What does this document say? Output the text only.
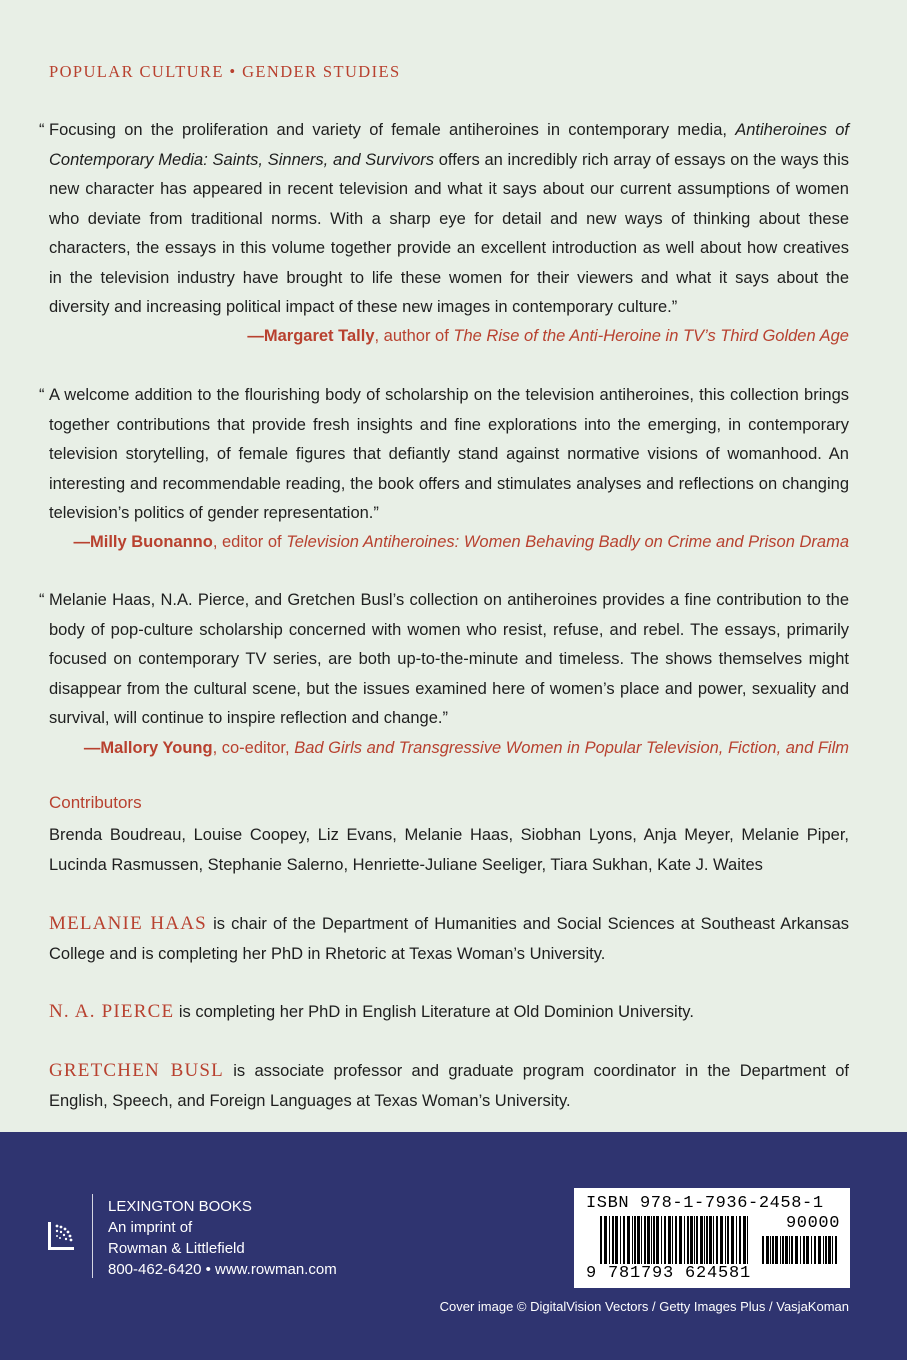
POPULAR CULTURE • GENDER STUDIES
“ Focusing on the proliferation and variety of female antiheroines in contemporary media, Antiheroines of Contemporary Media: Saints, Sinners, and Survivors offers an incredibly rich array of essays on the ways this new character has appeared in recent television and what it says about our current assumptions of women who deviate from traditional norms. With a sharp eye for detail and new ways of thinking about these characters, the essays in this volume together provide an excellent introduction as well about how creatives in the television industry have brought to life these women for their viewers and what it says about the diversity and increasing political impact of these new images in contemporary culture.”
—Margaret Tally, author of The Rise of the Anti-Heroine in TV’s Third Golden Age
“ A welcome addition to the flourishing body of scholarship on the television antiheroines, this collection brings together contributions that provide fresh insights and fine explorations into the emerging, in contemporary television storytelling, of female figures that defiantly stand against normative visions of womanhood. An interesting and recommendable reading, the book offers and stimulates analyses and reflections on changing television’s politics of gender representation.”
—Milly Buonanno, editor of Television Antiheroines: Women Behaving Badly on Crime and Prison Drama
“ Melanie Haas, N.A. Pierce, and Gretchen Busl’s collection on antiheroines provides a fine contribution to the body of pop-culture scholarship concerned with women who resist, refuse, and rebel. The essays, primarily focused on contemporary TV series, are both up-to-the-minute and timeless. The shows themselves might disappear from the cultural scene, but the issues examined here of women’s place and power, sexuality and survival, will continue to inspire reflection and change.”
—Mallory Young, co-editor, Bad Girls and Transgressive Women in Popular Television, Fiction, and Film
Contributors
Brenda Boudreau, Louise Coopey, Liz Evans, Melanie Haas, Siobhan Lyons, Anja Meyer, Melanie Piper, Lucinda Rasmussen, Stephanie Salerno, Henriette-Juliane Seeliger, Tiara Sukhan, Kate J. Waites
MELANIE HAAS is chair of the Department of Humanities and Social Sciences at Southeast Arkansas College and is completing her PhD in Rhetoric at Texas Woman’s University.
N. A. PIERCE is completing her PhD in English Literature at Old Dominion University.
GRETCHEN BUSL is associate professor and graduate program coordinator in the Department of English, Speech, and Foreign Languages at Texas Woman’s University.
LEXINGTON BOOKS
An imprint of
Rowman & Littlefield
800-462-6420 • www.rowman.com
ISBN 978-1-7936-2458-1
90000
9 781793 624581
Cover image © DigitalVision Vectors / Getty Images Plus / VasjaKoman
